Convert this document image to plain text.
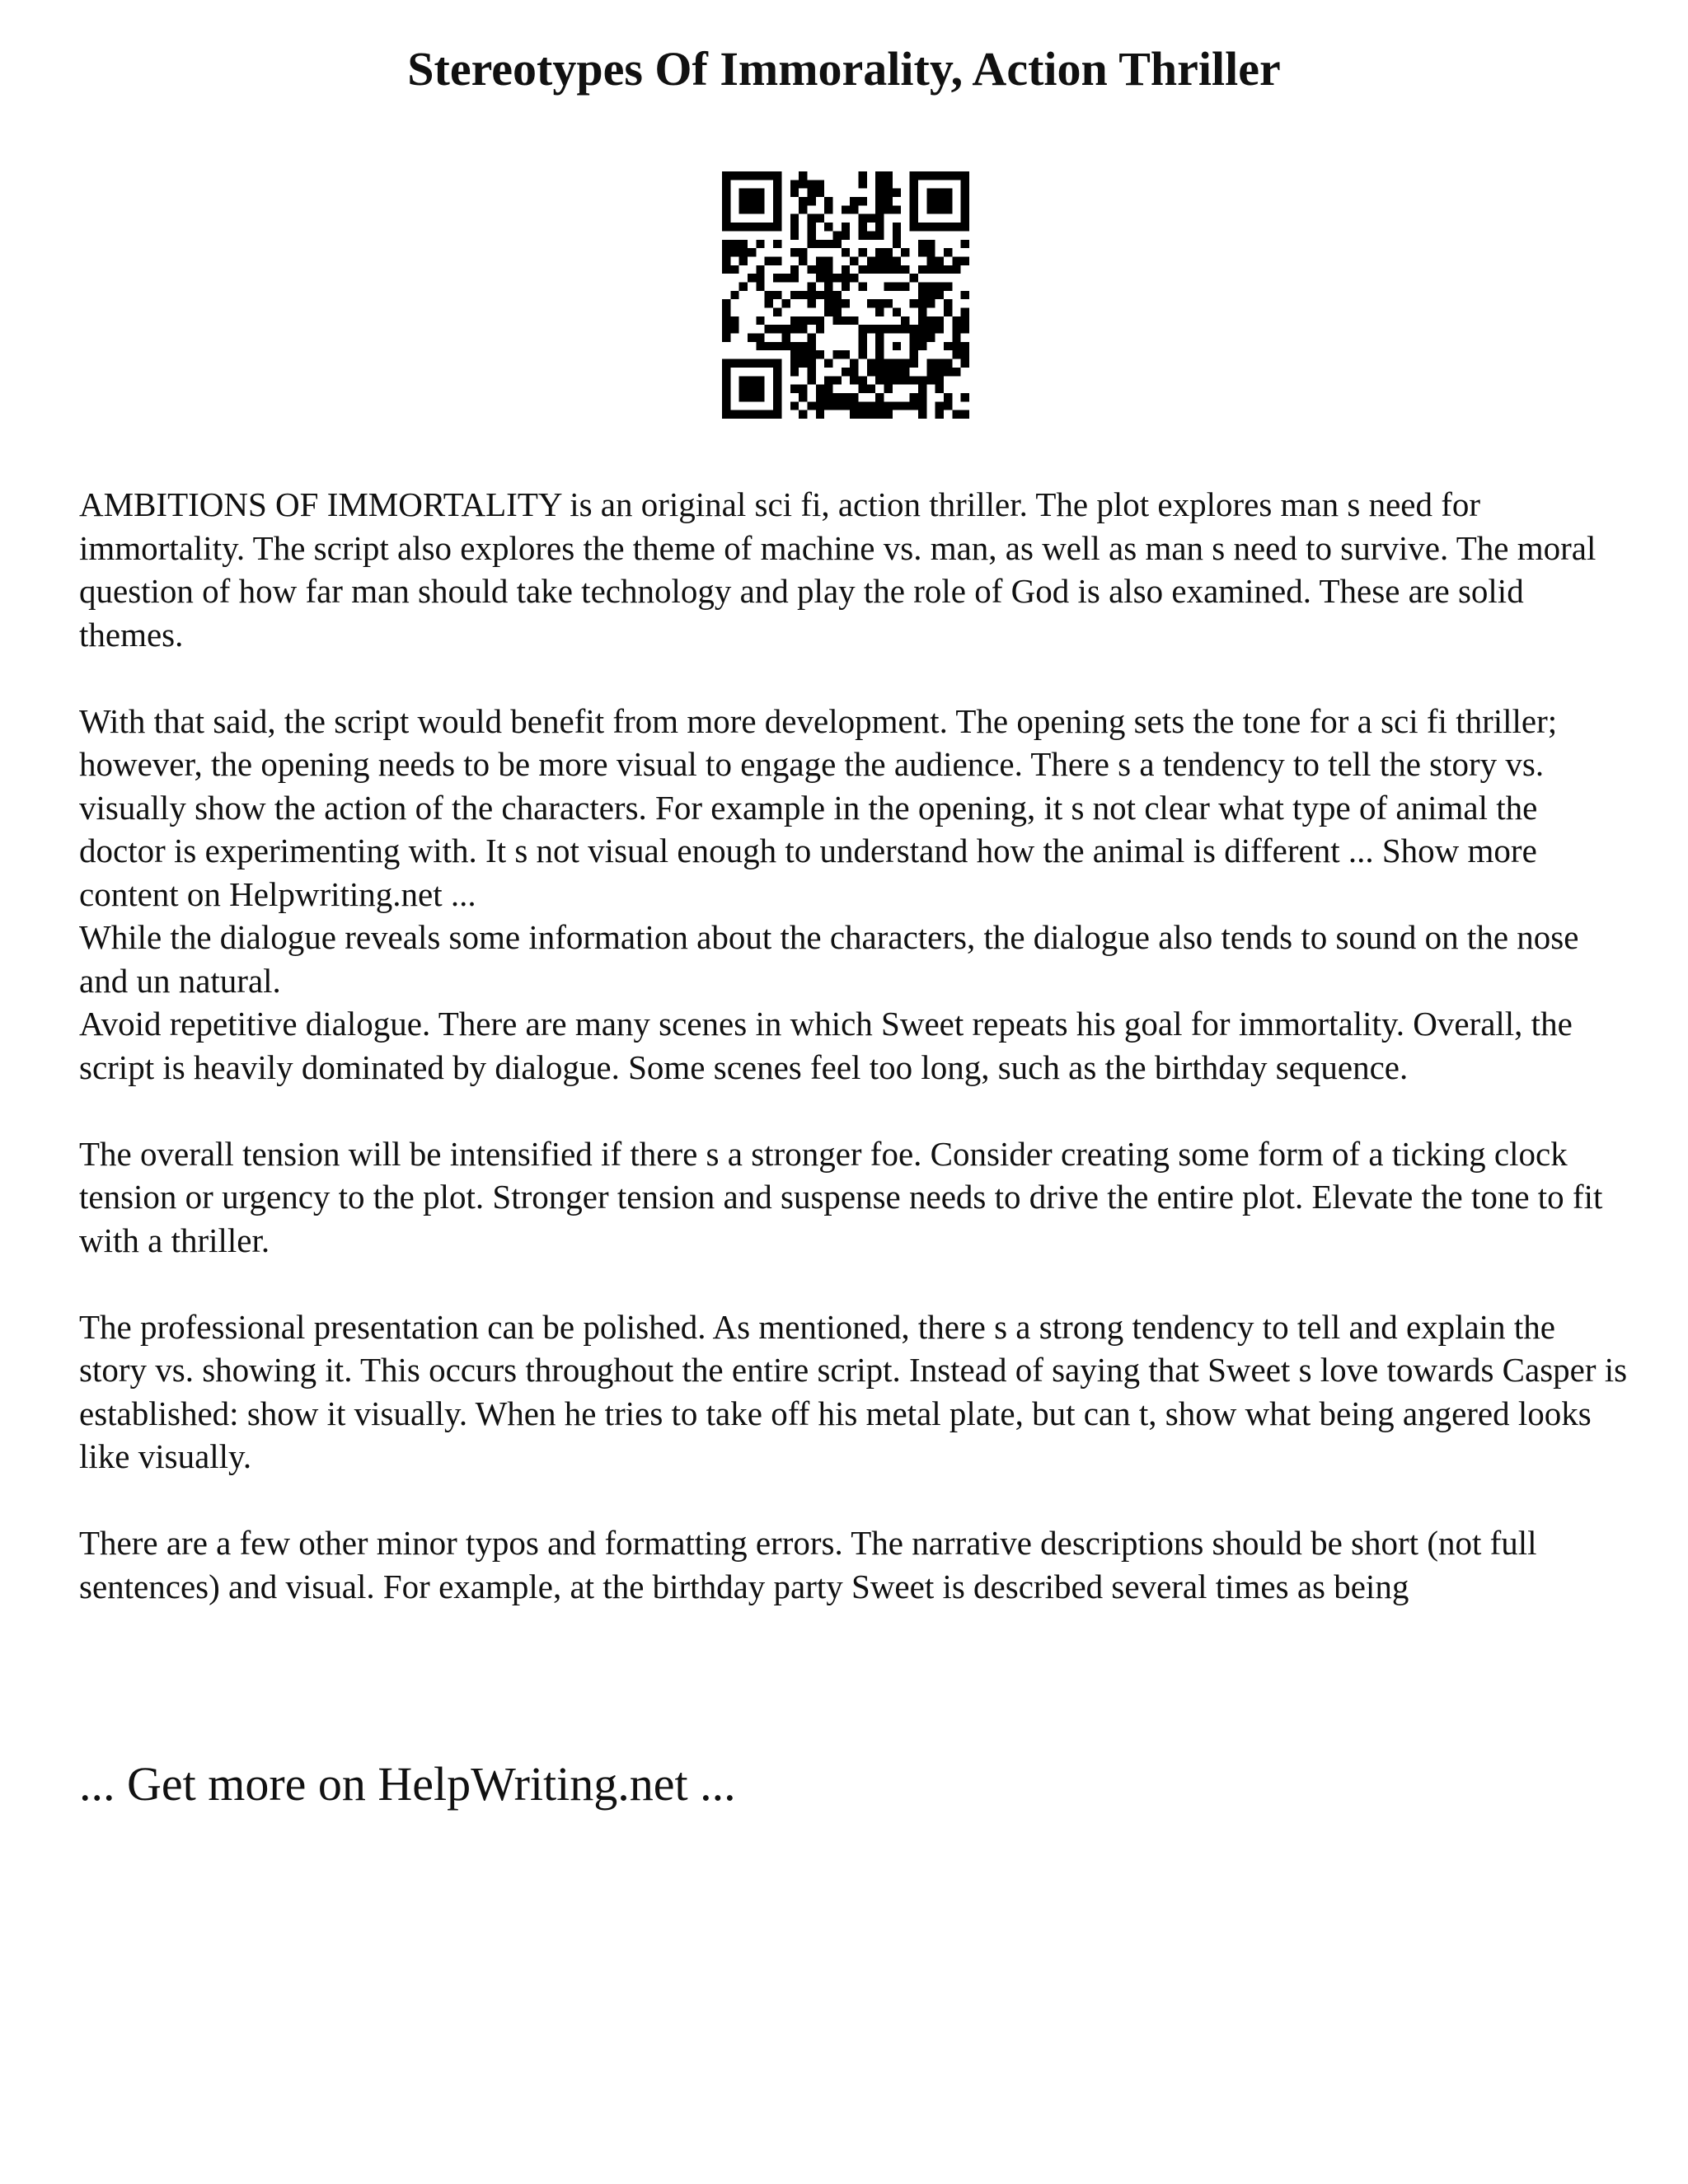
Stereotypes Of Immorality, Action Thriller

AMBITIONS OF IMMORTALITY is an original sci fi, action thriller. The plot explores man s need for immortality. The script also explores the theme of machine vs. man, as well as man s need to survive. The moral question of how far man should take technology and play the role of God is also examined. These are solid themes.

With that said, the script would benefit from more development. The opening sets the tone for a sci fi thriller; however, the opening needs to be more visual to engage the audience. There s a tendency to tell the story vs. visually show the action of the characters. For example in the opening, it s not clear what type of animal the doctor is experimenting with. It s not visual enough to understand how the animal is different ... Show more content on Helpwriting.net ...

While the dialogue reveals some information about the characters, the dialogue also tends to sound on the nose and un natural.

Avoid repetitive dialogue. There are many scenes in which Sweet repeats his goal for immortality. Overall, the script is heavily dominated by dialogue. Some scenes feel too long, such as the birthday sequence.

The overall tension will be intensified if there s a stronger foe. Consider creating some form of a ticking clock tension or urgency to the plot. Stronger tension and suspense needs to drive the entire plot. Elevate the tone to fit with a thriller.

The professional presentation can be polished. As mentioned, there s a strong tendency to tell and explain the story vs. showing it. This occurs throughout the entire script. Instead of saying that Sweet s love towards Casper is established: show it visually. When he tries to take off his metal plate, but can t, show what being angered looks like visually.

There are a few other minor typos and formatting errors. The narrative descriptions should be short (not full sentences) and visual. For example, at the birthday party Sweet is described several times as being

... Get more on HelpWriting.net ...
